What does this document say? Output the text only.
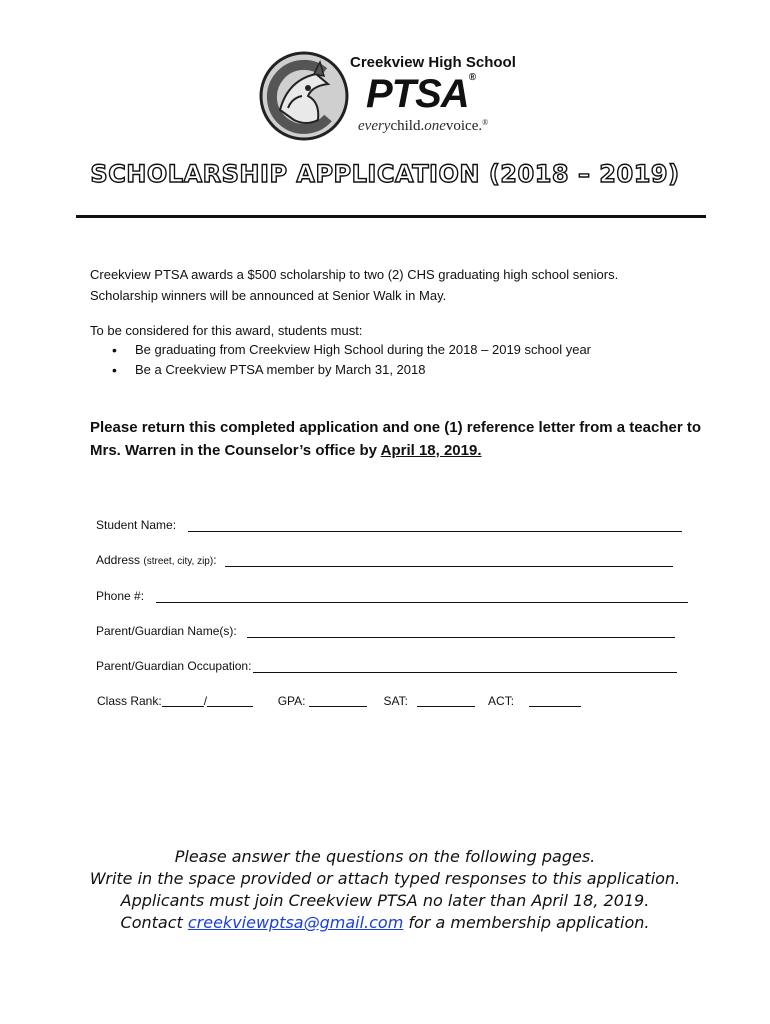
Creekview High School
PTSA®
everychild.onevoice.®
SCHOLARSHIP APPLICATION (2018 – 2019)
Creekview PTSA awards a $500 scholarship to two (2) CHS graduating high school seniors.
Scholarship winners will be announced at Senior Walk in May.
To be considered for this award, students must:
• Be graduating from Creekview High School during the 2018 – 2019 school year
• Be a Creekview PTSA member by March 31, 2018
Please return this completed application and one (1) reference letter from a teacher to Mrs. Warren in the Counselor’s office by April 18, 2019.
Student Name:
Address (street, city, zip):
Phone #:
Parent/Guardian Name(s):
Parent/Guardian Occupation:
Class Rank:	/	GPA:	SAT:	ACT:
Please answer the questions on the following pages.
Write in the space provided or attach typed responses to this application.
Applicants must join Creekview PTSA no later than April 18, 2019.
Contact creekviewptsa@gmail.com for a membership application.
